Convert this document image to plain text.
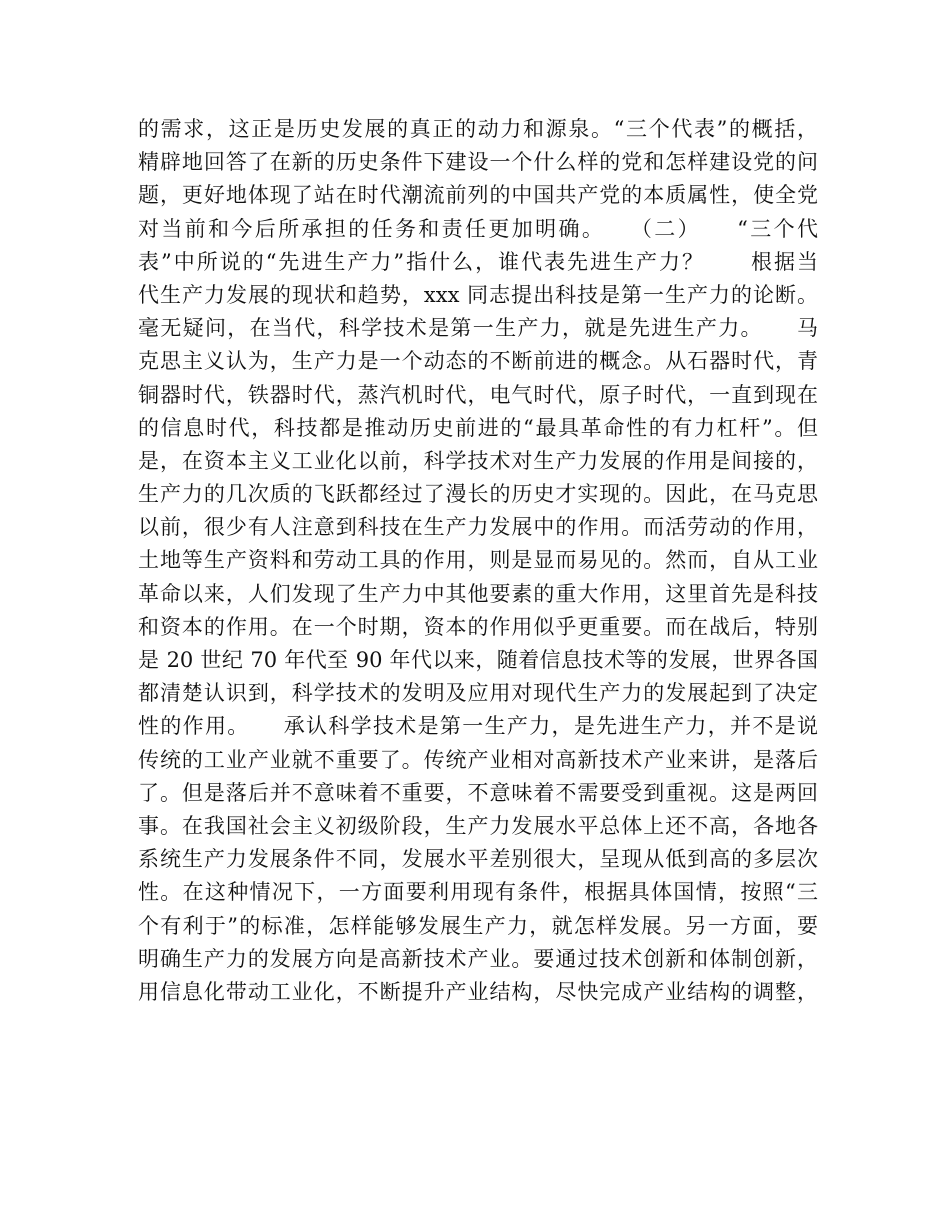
的需求，这正是历史发展的真正的动力和源泉。“三个代表”的概括，
精辟地回答了在新的历史条件下建设一个什么样的党和怎样建设党的问
题，更好地体现了站在时代潮流前列的中国共产党的本质属性，使全党
对当前和今后所承担的任务和责任更加明确。　　（二）　　“三个代
表”中所说的“先进生产力”指什么，谁代表先进生产力？　　根据当
代生产力发展的现状和趋势，xxx 同志提出科技是第一生产力的论断。
毫无疑问，在当代，科学技术是第一生产力，就是先进生产力。　　马
克思主义认为，生产力是一个动态的不断前进的概念。从石器时代，青
铜器时代，铁器时代，蒸汽机时代，电气时代，原子时代，一直到现在
的信息时代，科技都是推动历史前进的“最具革命性的有力杠杆”。但
是，在资本主义工业化以前，科学技术对生产力发展的作用是间接的，
生产力的几次质的飞跃都经过了漫长的历史才实现的。因此，在马克思
以前，很少有人注意到科技在生产力发展中的作用。而活劳动的作用，
土地等生产资料和劳动工具的作用，则是显而易见的。然而，自从工业
革命以来，人们发现了生产力中其他要素的重大作用，这里首先是科技
和资本的作用。在一个时期，资本的作用似乎更重要。而在战后，特别
是 20 世纪 70 年代至 90 年代以来，随着信息技术等的发展，世界各国
都清楚认识到，科学技术的发明及应用对现代生产力的发展起到了决定
性的作用。　　承认科学技术是第一生产力，是先进生产力，并不是说
传统的工业产业就不重要了。传统产业相对高新技术产业来讲，是落后
了。但是落后并不意味着不重要，不意味着不需要受到重视。这是两回
事。在我国社会主义初级阶段，生产力发展水平总体上还不高，各地各
系统生产力发展条件不同，发展水平差别很大，呈现从低到高的多层次
性。在这种情况下，一方面要利用现有条件，根据具体国情，按照“三
个有利于”的标准，怎样能够发展生产力，就怎样发展。另一方面，要
明确生产力的发展方向是高新技术产业。要通过技术创新和体制创新，
用信息化带动工业化，不断提升产业结构，尽快完成产业结构的调整，
